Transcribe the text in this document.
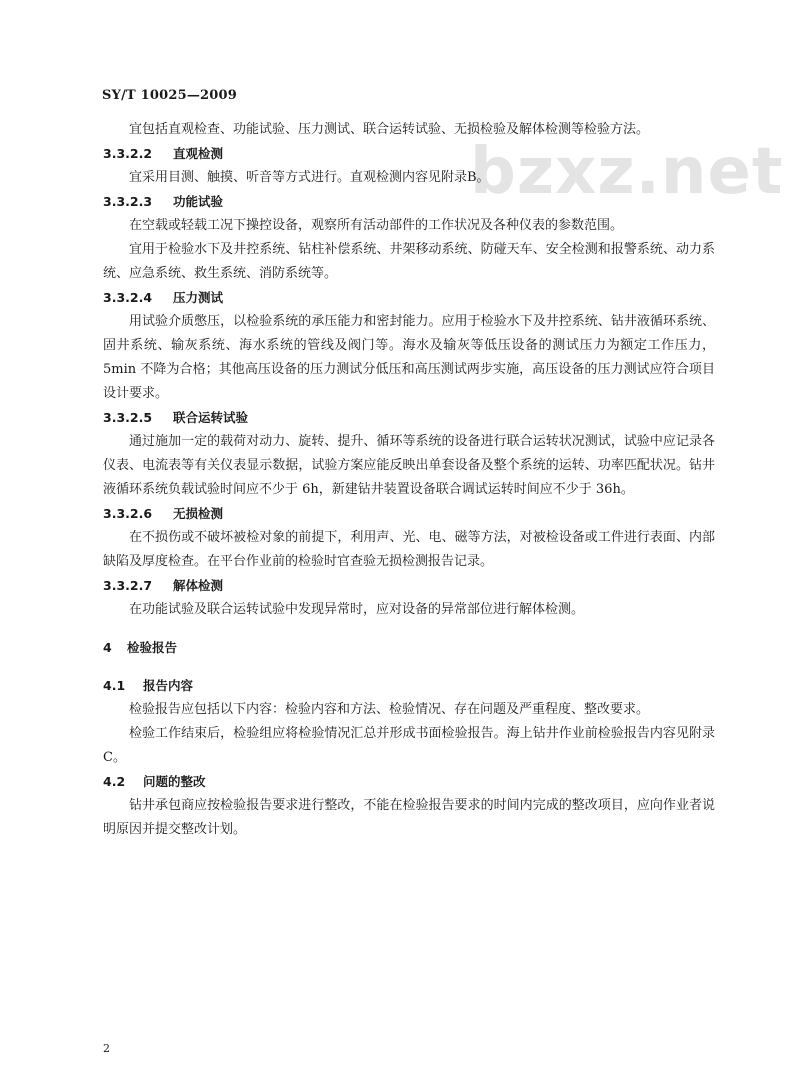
bzxz.net
SY/T 10025—2009
宜包括直观检查、功能试验、压力测试、联合运转试验、无损检验及解体检测等检验方法。
3.3.2.2 直观检测
宜采用目测、触摸、听音等方式进行。直观检测内容见附录B。
3.3.2.3 功能试验
在空载或轻载工况下操控设备，观察所有活动部件的工作状况及各种仪表的参数范围。
宜用于检验水下及井控系统、钻柱补偿系统、井架移动系统、防碰天车、安全检测和报警系统、动力系统、应急系统、救生系统、消防系统等。
3.3.2.4 压力测试
用试验介质憋压，以检验系统的承压能力和密封能力。应用于检验水下及井控系统、钻井液循环系统、固井系统、输灰系统、海水系统的管线及阀门等。海水及输灰等低压设备的测试压力为额定工作压力，5min 不降为合格；其他高压设备的压力测试分低压和高压测试两步实施，高压设备的压力测试应符合项目设计要求。
3.3.2.5 联合运转试验
通过施加一定的载荷对动力、旋转、提升、循环等系统的设备进行联合运转状况测试，试验中应记录各仪表、电流表等有关仪表显示数据，试验方案应能反映出单套设备及整个系统的运转、功率匹配状况。钻井液循环系统负载试验时间应不少于 6h，新建钻井装置设备联合调试运转时间应不少于 36h。
3.3.2.6 无损检测
在不损伤或不破坏被检对象的前提下，利用声、光、电、磁等方法，对被检设备或工件进行表面、内部缺陷及厚度检查。在平台作业前的检验时官查验无损检测报告记录。
3.3.2.7 解体检测
在功能试验及联合运转试验中发现异常时，应对设备的异常部位进行解体检测。
4 检验报告
4.1 报告内容
检验报告应包括以下内容：检验内容和方法、检验情况、存在问题及严重程度、整改要求。
检验工作结束后，检验组应将检验情况汇总并形成书面检验报告。海上钻井作业前检验报告内容见附录C。
4.2 问题的整改
钻井承包商应按检验报告要求进行整改，不能在检验报告要求的时间内完成的整改项目，应向作业者说明原因并提交整改计划。
2
